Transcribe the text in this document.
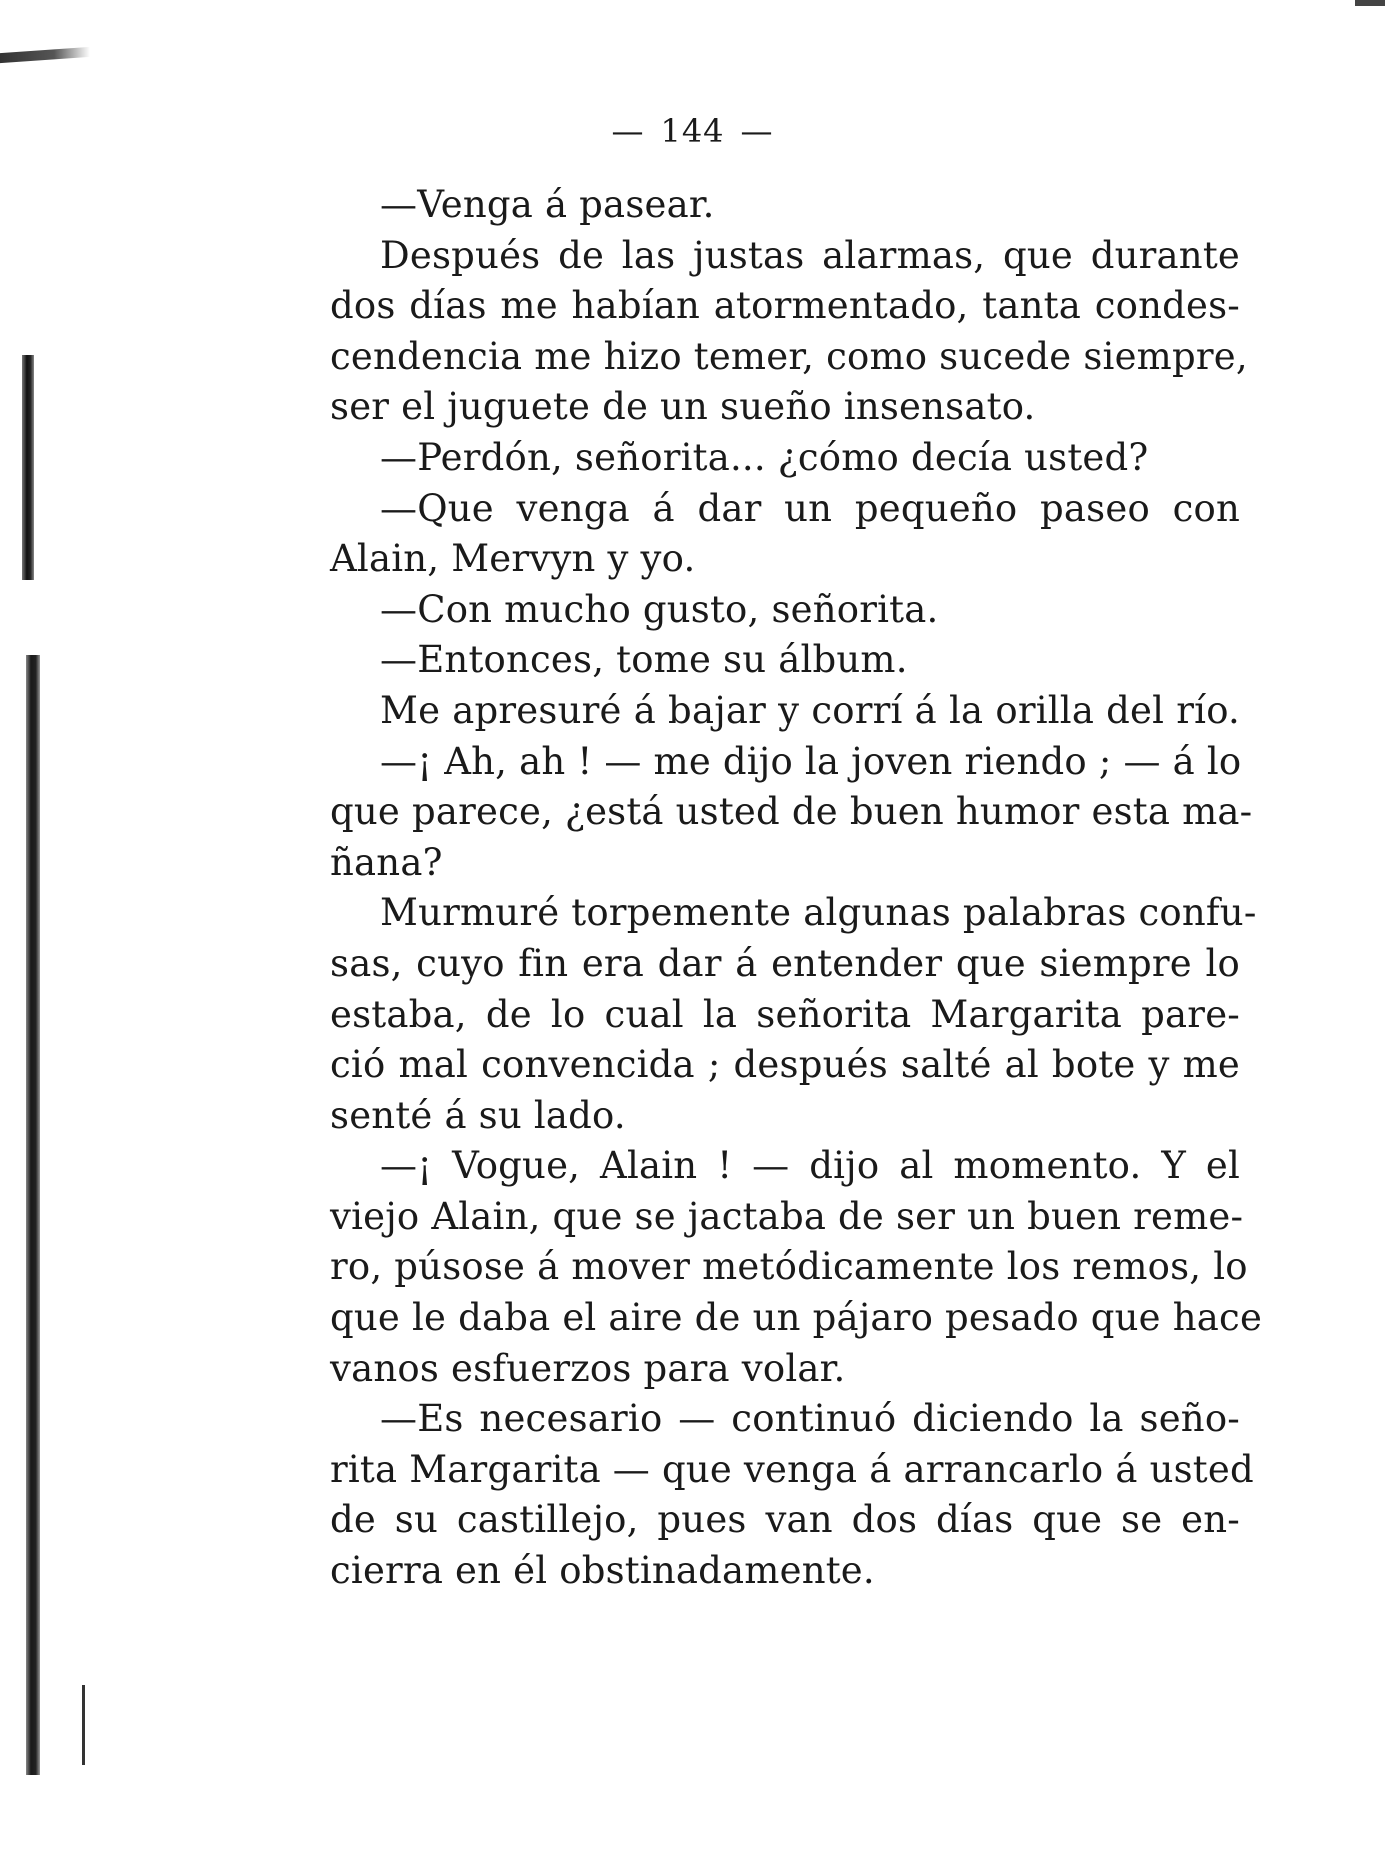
— 144 —
—Venga á pasear.
Después de las justas alarmas, que durante
dos días me habían atormentado, tanta condes-
cendencia me hizo temer, como sucede siempre,
ser el juguete de un sueño insensato.
—Perdón, señorita... ¿cómo decía usted?
—Que venga á dar un pequeño paseo con
Alain, Mervyn y yo.
—Con mucho gusto, señorita.
—Entonces, tome su álbum.
Me apresuré á bajar y corrí á la orilla del río.
—¡ Ah, ah ! — me dijo la joven riendo ; — á lo
que parece, ¿está usted de buen humor esta ma-
ñana?
Murmuré torpemente algunas palabras confu-
sas, cuyo fin era dar á entender que siempre lo
estaba, de lo cual la señorita Margarita pare-
ció mal convencida ; después salté al bote y me
senté á su lado.
—¡ Vogue, Alain ! — dijo al momento. Y el
viejo Alain, que se jactaba de ser un buen reme-
ro, púsose á mover metódicamente los remos, lo
que le daba el aire de un pájaro pesado que hace
vanos esfuerzos para volar.
—Es necesario — continuó diciendo la seño-
rita Margarita — que venga á arrancarlo á usted
de su castillejo, pues van dos días que se en-
cierra en él obstinadamente.
